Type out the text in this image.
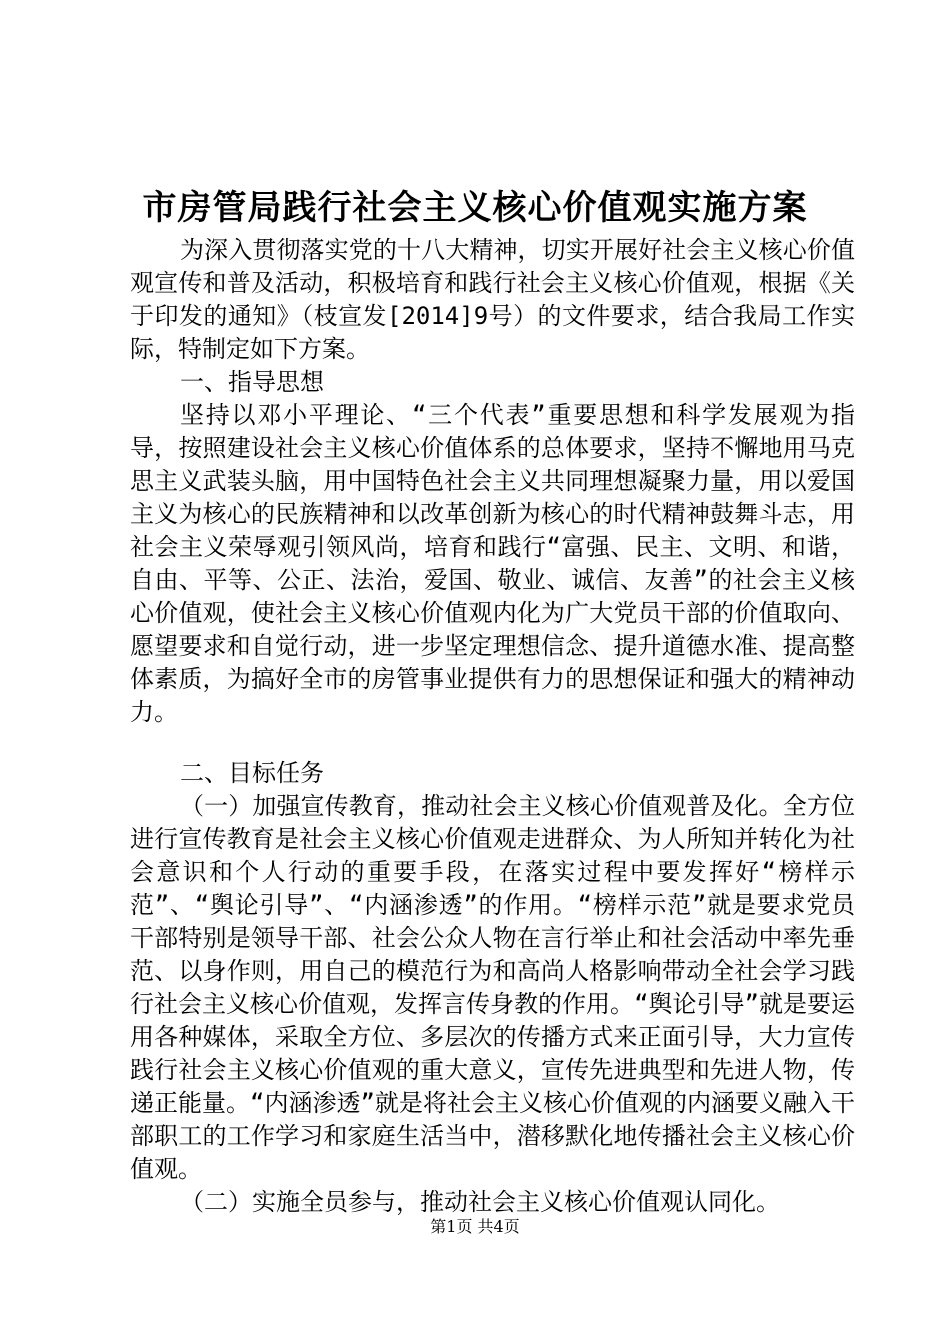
市房管局践行社会主义核心价值观实施方案

为深入贯彻落实党的十八大精神，切实开展好社会主义核心价值观宣传和普及活动，积极培育和践行社会主义核心价值观，根据《关于印发的通知》（枝宣发[2014]9号）的文件要求，结合我局工作实际，特制定如下方案。

一、指导思想

坚持以邓小平理论、“三个代表”重要思想和科学发展观为指导，按照建设社会主义核心价值体系的总体要求，坚持不懈地用马克思主义武装头脑，用中国特色社会主义共同理想凝聚力量，用以爱国主义为核心的民族精神和以改革创新为核心的时代精神鼓舞斗志，用社会主义荣辱观引领风尚，培育和践行“富强、民主、文明、和谐，自由、平等、公正、法治，爱国、敬业、诚信、友善”的社会主义核心价值观，使社会主义核心价值观内化为广大党员干部的价值取向、愿望要求和自觉行动，进一步坚定理想信念、提升道德水准、提高整体素质，为搞好全市的房管事业提供有力的思想保证和强大的精神动力。

二、目标任务

（一）加强宣传教育，推动社会主义核心价值观普及化。全方位进行宣传教育是社会主义核心价值观走进群众、为人所知并转化为社会意识和个人行动的重要手段，在落实过程中要发挥好“榜样示范”、“舆论引导”、“内涵渗透”的作用。“榜样示范”就是要求党员干部特别是领导干部、社会公众人物在言行举止和社会活动中率先垂范、以身作则，用自己的模范行为和高尚人格影响带动全社会学习践行社会主义核心价值观，发挥言传身教的作用。“舆论引导”就是要运用各种媒体，采取全方位、多层次的传播方式来正面引导，大力宣传践行社会主义核心价值观的重大意义，宣传先进典型和先进人物，传递正能量。“内涵渗透”就是将社会主义核心价值观的内涵要义融入干部职工的工作学习和家庭生活当中，潜移默化地传播社会主义核心价值观。

（二）实施全员参与，推动社会主义核心价值观认同化。

第1页 共4页
